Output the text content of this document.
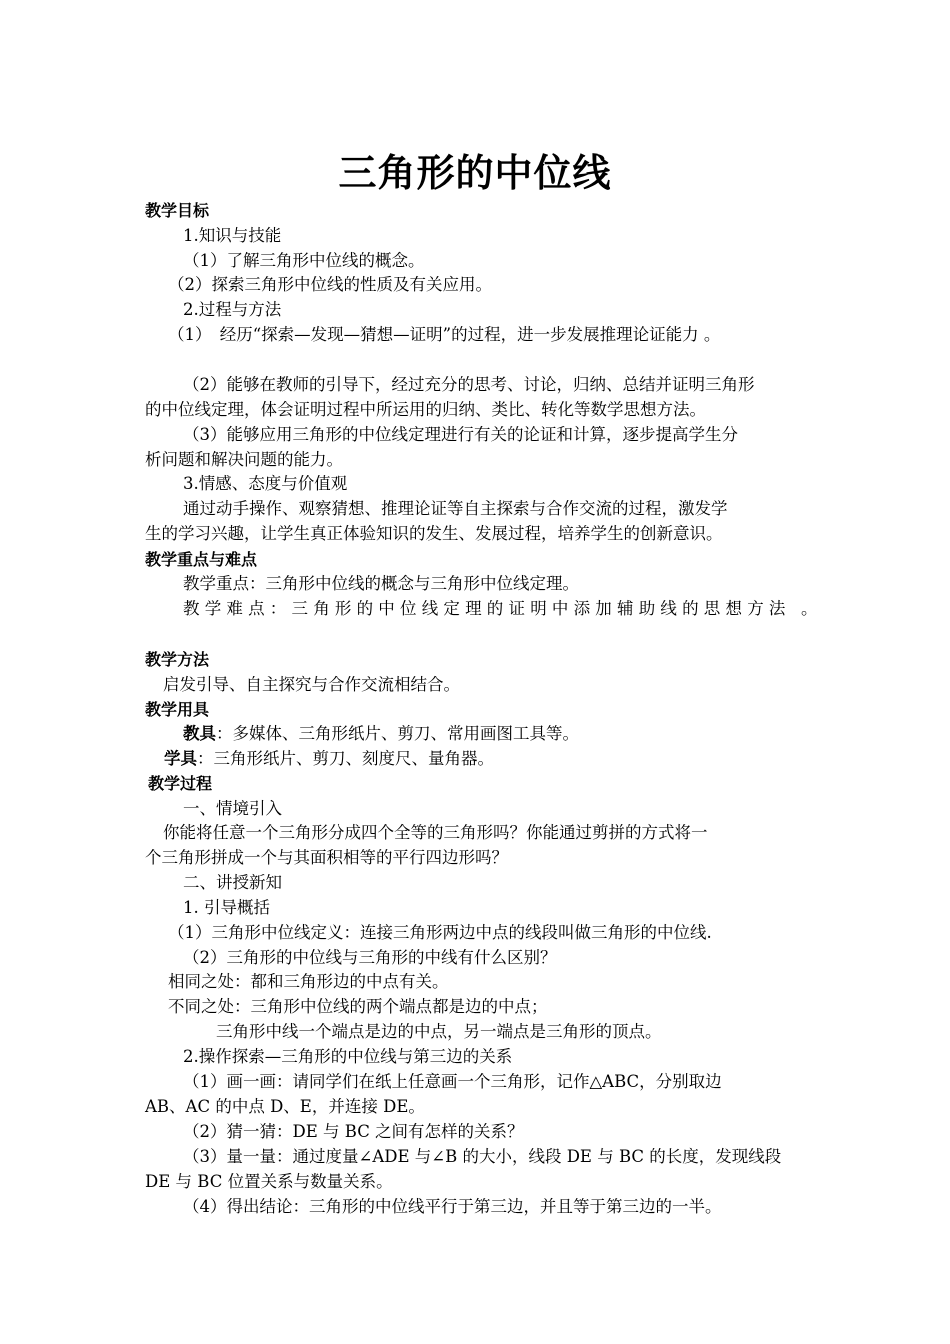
三角形的中位线
教学目标
1.知识与技能
（1）了解三角形中位线的概念。
（2）探索三角形中位线的性质及有关应用。
2.过程与方法
（1）　经历“探索—发现—猜想—证明”的过程，进一步发展推理论证能力 。
（2）能够在教师的引导下，经过充分的思考、讨论，归纳、总结并证明三角形
的中位线定理，体会证明过程中所运用的归纳、类比、转化等数学思想方法。
（3）能够应用三角形的中位线定理进行有关的论证和计算，逐步提高学生分
析问题和解决问题的能力。
3.情感、态度与价值观
通过动手操作、观察猜想、推理论证等自主探索与合作交流的过程，激发学
生的学习兴趣，让学生真正体验知识的发生、发展过程，培养学生的创新意识。
教学重点与难点
教学重点：三角形中位线的概念与三角形中位线定理。
教学难点：三角形的中位线定理的证明中添加辅助线的思想方法 。
教学方法
启发引导、自主探究与合作交流相结合。
教学用具
教具：多媒体、三角形纸片、剪刀、常用画图工具等。
学具：三角形纸片、剪刀、刻度尺、量角器。
教学过程
一、情境引入
你能将任意一个三角形分成四个全等的三角形吗？你能通过剪拼的方式将一
个三角形拼成一个与其面积相等的平行四边形吗？
二、讲授新知
1. 引导概括
（1）三角形中位线定义：连接三角形两边中点的线段叫做三角形的中位线.
（2）三角形的中位线与三角形的中线有什么区别？
相同之处：都和三角形边的中点有关。
不同之处：三角形中位线的两个端点都是边的中点；
三角形中线一个端点是边的中点，另一端点是三角形的顶点。
2.操作探索—三角形的中位线与第三边的关系
（1）画一画：请同学们在纸上任意画一个三角形，记作△ABC，分别取边
AB、AC 的中点 D、E，并连接 DE。
（2）猜一猜：DE 与 BC 之间有怎样的关系？
（3）量一量：通过度量∠ADE 与∠B 的大小，线段 DE 与 BC 的长度，发现线段
DE 与 BC 位置关系与数量关系。
（4）得出结论：三角形的中位线平行于第三边，并且等于第三边的一半。
